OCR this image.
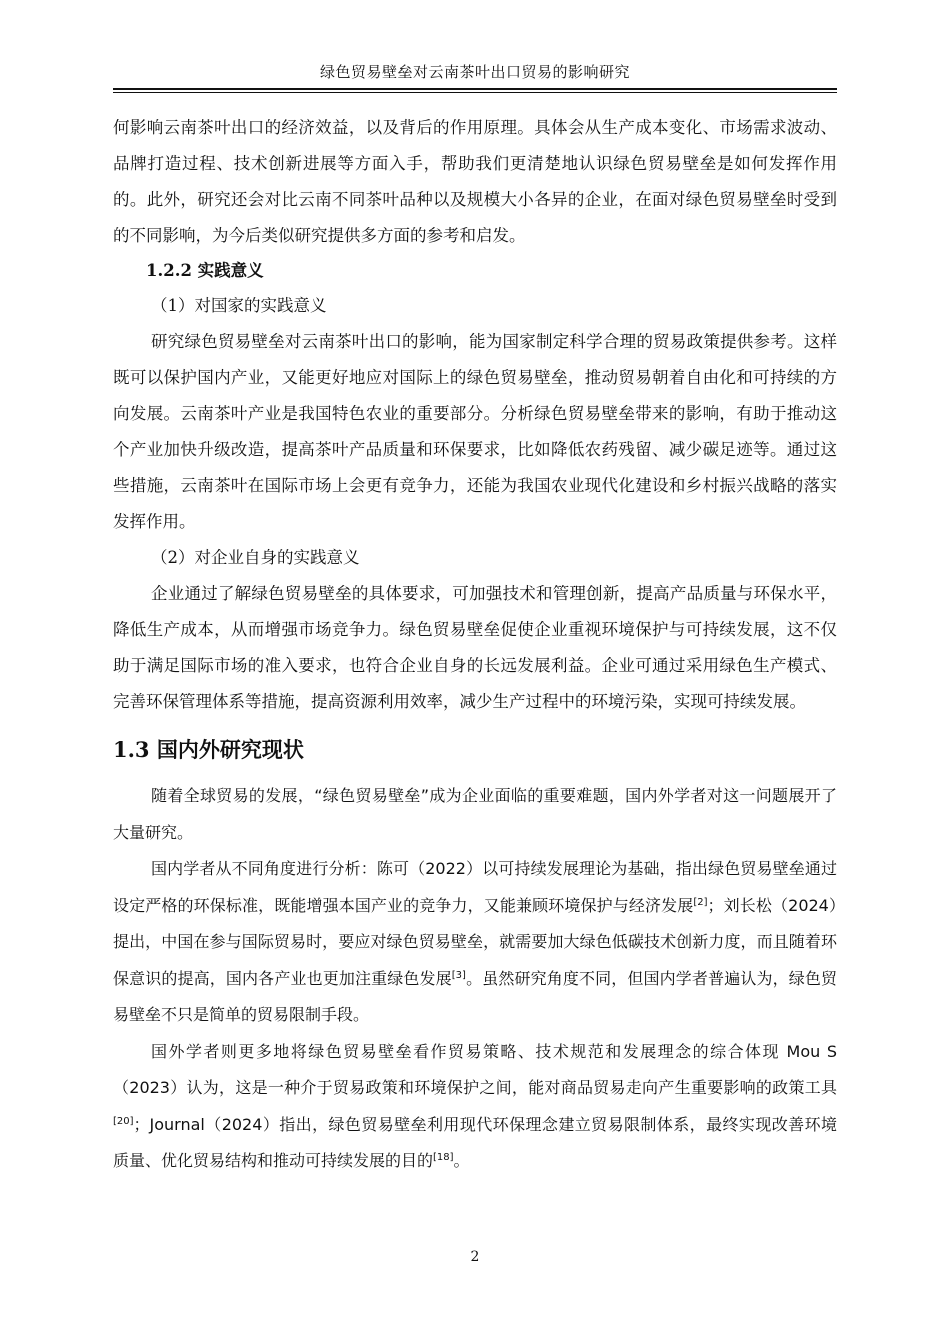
绿色贸易壁垒对云南茶叶出口贸易的影响研究

何影响云南茶叶出口的经济效益，以及背后的作用原理。具体会从生产成本变化、市场需求波动、品牌打造过程、技术创新进展等方面入手，帮助我们更清楚地认识绿色贸易壁垒是如何发挥作用的。此外，研究还会对比云南不同茶叶品种以及规模大小各异的企业，在面对绿色贸易壁垒时受到的不同影响，为今后类似研究提供多方面的参考和启发。

1.2.2 实践意义

（1）对国家的实践意义

研究绿色贸易壁垒对云南茶叶出口的影响，能为国家制定科学合理的贸易政策提供参考。这样既可以保护国内产业，又能更好地应对国际上的绿色贸易壁垒，推动贸易朝着自由化和可持续的方向发展。云南茶叶产业是我国特色农业的重要部分。分析绿色贸易壁垒带来的影响，有助于推动这个产业加快升级改造，提高茶叶产品质量和环保要求，比如降低农药残留、减少碳足迹等。通过这些措施，云南茶叶在国际市场上会更有竞争力，还能为我国农业现代化建设和乡村振兴战略的落实发挥作用。

（2）对企业自身的实践意义

企业通过了解绿色贸易壁垒的具体要求，可加强技术和管理创新，提高产品质量与环保水平，降低生产成本，从而增强市场竞争力。绿色贸易壁垒促使企业重视环境保护与可持续发展，这不仅助于满足国际市场的准入要求，也符合企业自身的长远发展利益。企业可通过采用绿色生产模式、完善环保管理体系等措施，提高资源利用效率，减少生产过程中的环境污染，实现可持续发展。

1.3 国内外研究现状

随着全球贸易的发展，“绿色贸易壁垒”成为企业面临的重要难题，国内外学者对这一问题展开了大量研究。

国内学者从不同角度进行分析：陈可（2022）以可持续发展理论为基础，指出绿色贸易壁垒通过设定严格的环保标准，既能增强本国产业的竞争力，又能兼顾环境保护与经济发展[2]；刘长松（2024）提出，中国在参与国际贸易时，要应对绿色贸易壁垒，就需要加大绿色低碳技术创新力度，而且随着环保意识的提高，国内各产业也更加注重绿色发展[3]。虽然研究角度不同，但国内学者普遍认为，绿色贸易壁垒不只是简单的贸易限制手段。

国外学者则更多地将绿色贸易壁垒看作贸易策略、技术规范和发展理念的综合体现 Mou S（2023）认为，这是一种介于贸易政策和环境保护之间，能对商品贸易走向产生重要影响的政策工具[20]；Journal（2024）指出，绿色贸易壁垒利用现代环保理念建立贸易限制体系，最终实现改善环境质量、优化贸易结构和推动可持续发展的目的[18]。

2
